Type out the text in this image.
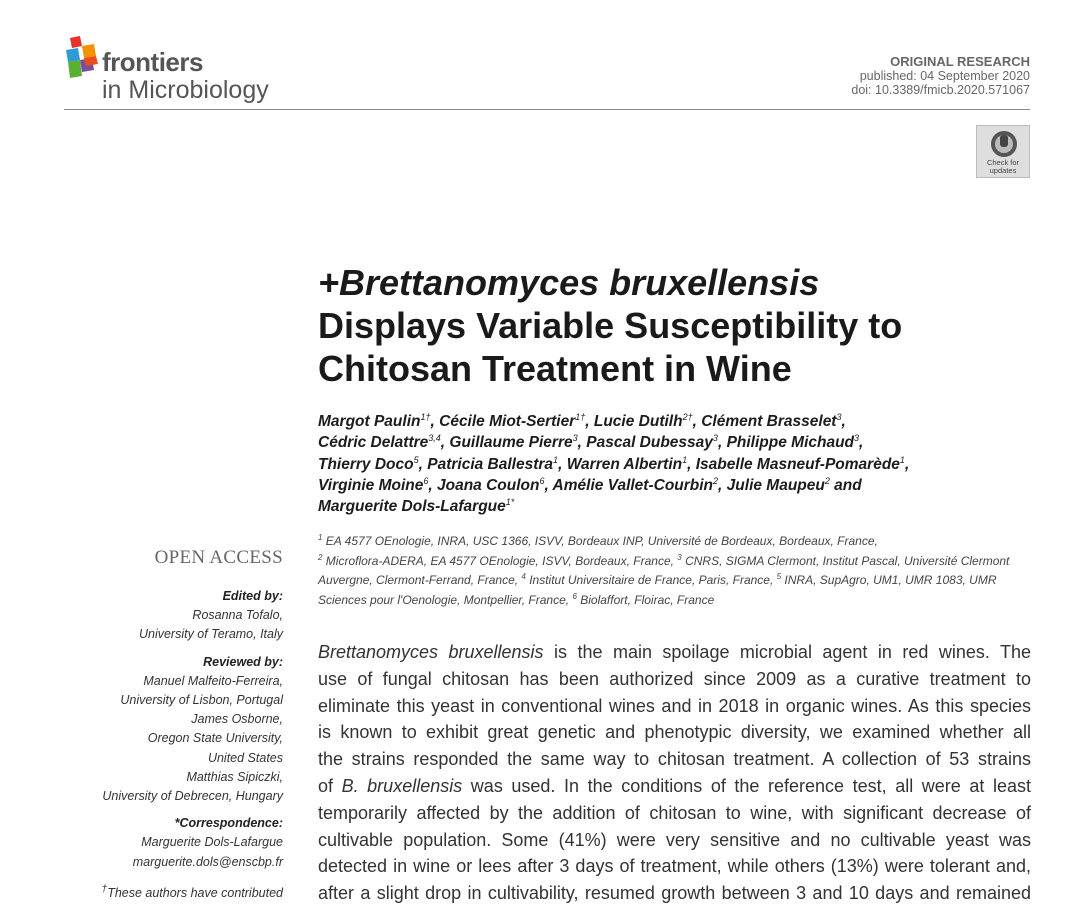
frontiers
in Microbiology
ORIGINAL RESEARCH
published: 04 September 2020
doi: 10.3389/fmicb.2020.571067
Check for
updates
+Brettanomyces bruxellensis
Displays Variable Susceptibility to
Chitosan Treatment in Wine
Margot Paulin$^{1\dagger}$, Cécile Miot-Sertier$^{1\dagger}$, Lucie Dutilh$^{2\dagger}$, Clément Brasselet$^3$,
Cédric Delattre$^{3,4}$, Guillaume Pierre$^3$, Pascal Dubessay$^3$, Philippe Michaud$^3$,
Thierry Doco$^5$, Patricia Ballestra$^1$, Warren Albertin$^1$, Isabelle Masneuf-Pomarède$^1$,
Virginie Moine$^6$, Joana Coulon$^6$, Amélie Vallet-Courbin$^2$, Julie Maupeu$^2$ and
Marguerite Dols-Lafargue$^{1*}$
$^1$ EA 4577 OEnologie, INRA, USC 1366, ISVV, Bordeaux INP, Université de Bordeaux, Bordeaux, France,
$^2$ Microflora-ADERA, EA 4577 OEnologie, ISVV, Bordeaux, France, $^3$ CNRS, SIGMA Clermont, Institut Pascal, Université Clermont Auvergne, Clermont-Ferrand, France, $^4$ Institut Universitaire de France, Paris, France, $^5$ INRA, SupAgro, UM1, UMR 1083, UMR Sciences pour l'Oenologie, Montpellier, France, $^6$ Biolaffort, Floirac, France
OPEN ACCESS
Edited by:
Rosanna Tofalo,
University of Teramo, Italy
Reviewed by:
Manuel Malfeito-Ferreira,
University of Lisbon, Portugal
James Osborne,
Oregon State University,
United States
Matthias Sipiczki,
University of Debrecen, Hungary
*Correspondence:
Marguerite Dols-Lafargue
marguerite.dols@enscbp.fr
†These authors have contributed
Brettanomyces bruxellensis is the main spoilage microbial agent in red wines. The
use of fungal chitosan has been authorized since 2009 as a curative treatment to
eliminate this yeast in conventional wines and in 2018 in organic wines. As this species
is known to exhibit great genetic and phenotypic diversity, we examined whether all
the strains responded the same way to chitosan treatment. A collection of 53 strains
of B. bruxellensis was used. In the conditions of the reference test, all were at least
temporarily affected by the addition of chitosan to wine, with significant decrease of
cultivable population. Some (41%) were very sensitive and no cultivable yeast was
detected in wine or lees after 3 days of treatment, while others (13%) were tolerant and,
after a slight drop in cultivability, resumed growth between 3 and 10 days and remained
